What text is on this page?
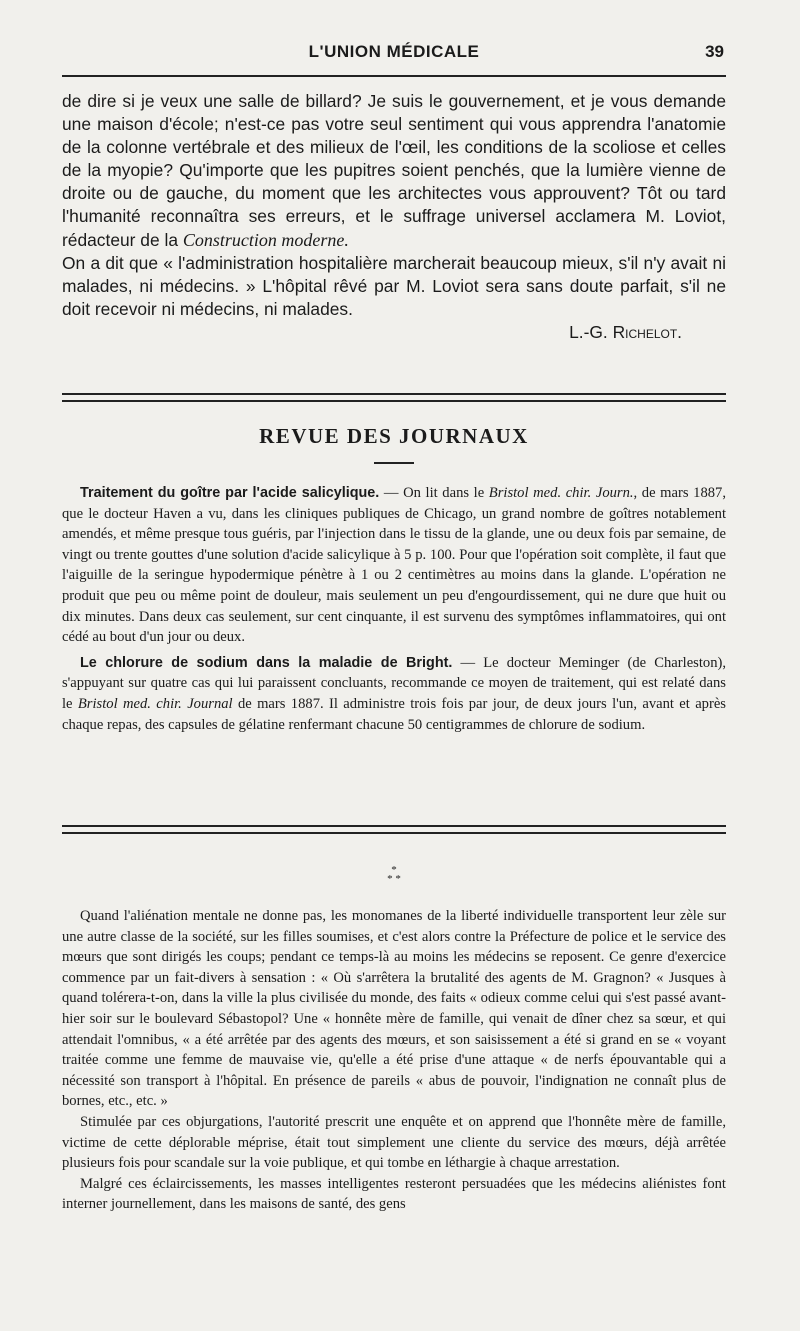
L'UNION MÉDICALE	39

de dire si je veux une salle de billard? Je suis le gouvernement, et je vous demande une maison d'école; n'est-ce pas votre seul sentiment qui vous apprendra l'anatomie de la colonne vertébrale et des milieux de l'œil, les conditions de la scoliose et celles de la myopie? Qu'importe que les pupitres soient penchés, que la lumière vienne de droite ou de gauche, du moment que les architectes vous approuvent? Tôt ou tard l'humanité reconnaîtra ses erreurs, et le suffrage universel acclamera M. Loviot, rédacteur de la Construction moderne.

On a dit que « l'administration hospitalière marcherait beaucoup mieux, s'il n'y avait ni malades, ni médecins. » L'hôpital rêvé par M. Loviot sera sans doute parfait, s'il ne doit recevoir ni médecins, ni malades.

L.-G. Richelot.

REVUE DES JOURNAUX

Traitement du goître par l'acide salicylique. — On lit dans le Bristol med. chir. Journ., de mars 1887, que le docteur Haven a vu, dans les cliniques publiques de Chicago, un grand nombre de goîtres notablement amendés, et même presque tous guéris, par l'injection dans le tissu de la glande, une ou deux fois par semaine, de vingt ou trente gouttes d'une solution d'acide salicylique à 5 p. 100. Pour que l'opération soit complète, il faut que l'aiguille de la seringue hypodermique pénètre à 1 ou 2 centimètres au moins dans la glande. L'opération ne produit que peu ou même point de douleur, mais seulement un peu d'engourdissement, qui ne dure que huit ou dix minutes. Dans deux cas seulement, sur cent cinquante, il est survenu des symptômes inflammatoires, qui ont cédé au bout d'un jour ou deux.

Le chlorure de sodium dans la maladie de Bright. — Le docteur Meminger (de Charleston), s'appuyant sur quatre cas qui lui paraissent concluants, recommande ce moyen de traitement, qui est relaté dans le Bristol med. chir. Journal de mars 1887. Il administre trois fois par jour, de deux jours l'un, avant et après chaque repas, des capsules de gélatine renfermant chacune 50 centigrammes de chlorure de sodium.

*
* *

Quand l'aliénation mentale ne donne pas, les monomanes de la liberté individuelle transportent leur zèle sur une autre classe de la société, sur les filles soumises, et c'est alors contre la Préfecture de police et le service des mœurs que sont dirigés les coups; pendant ce temps-là au moins les médecins se reposent. Ce genre d'exercice commence par un fait-divers à sensation : « Où s'arrêtera la brutalité des agents de M. Gragnon? « Jusques à quand tolérera-t-on, dans la ville la plus civilisée du monde, des faits « odieux comme celui qui s'est passé avant-hier soir sur le boulevard Sébastopol? Une « honnête mère de famille, qui venait de dîner chez sa sœur, et qui attendait l'omnibus, « a été arrêtée par des agents des mœurs, et son saisissement a été si grand en se « voyant traitée comme une femme de mauvaise vie, qu'elle a été prise d'une attaque « de nerfs épouvantable qui a nécessité son transport à l'hôpital. En présence de pareils « abus de pouvoir, l'indignation ne connaît plus de bornes, etc., etc. »

Stimulée par ces objurgations, l'autorité prescrit une enquête et on apprend que l'honnête mère de famille, victime de cette déplorable méprise, était tout simplement une cliente du service des mœurs, déjà arrêtée plusieurs fois pour scandale sur la voie publique, et qui tombe en léthargie à chaque arrestation.

Malgré ces éclaircissements, les masses intelligentes resteront persuadées que les médecins aliénistes font interner journellement, dans les maisons de santé, des gens
